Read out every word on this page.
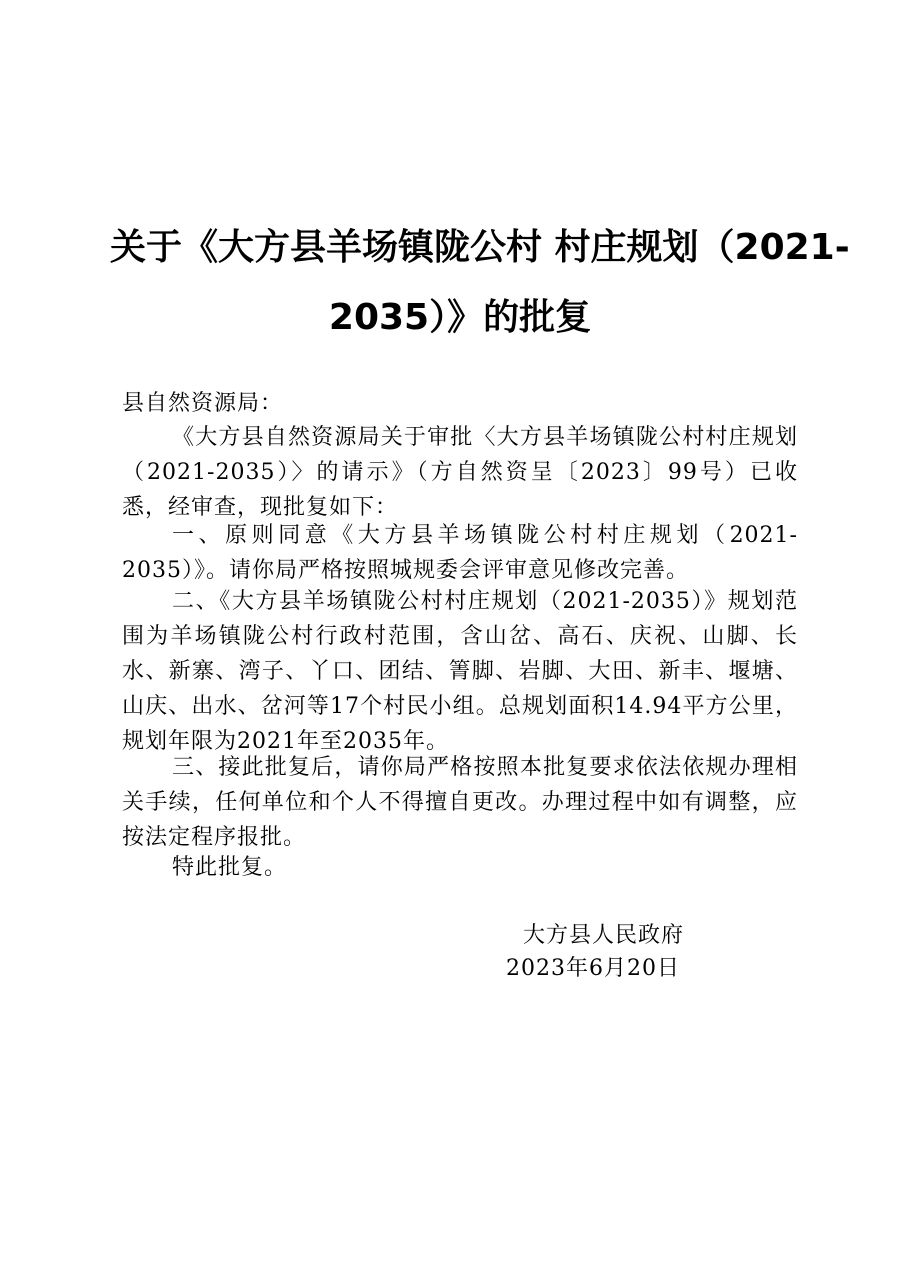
关于《大方县羊场镇陇公村 村庄规划（2021-
2035）》的批复
县自然资源局：
《大方县自然资源局关于审批〈大方县羊场镇陇公村村庄规划（2021-2035）〉的请示》（方自然资呈〔2023〕99号）已收悉，经审查，现批复如下：
一、原则同意《大方县羊场镇陇公村村庄规划（2021-2035）》。请你局严格按照城规委会评审意见修改完善。
二、《大方县羊场镇陇公村村庄规划（2021-2035）》规划范围为羊场镇陇公村行政村范围，含山岔、高石、庆祝、山脚、长水、新寨、湾子、丫口、团结、箐脚、岩脚、大田、新丰、堰塘、山庆、出水、岔河等17个村民小组。总规划面积14.94平方公里，规划年限为2021年至2035年。
三、接此批复后，请你局严格按照本批复要求依法依规办理相关手续，任何单位和个人不得擅自更改。办理过程中如有调整，应按法定程序报批。
特此批复。
大方县人民政府
2023年6月20日
